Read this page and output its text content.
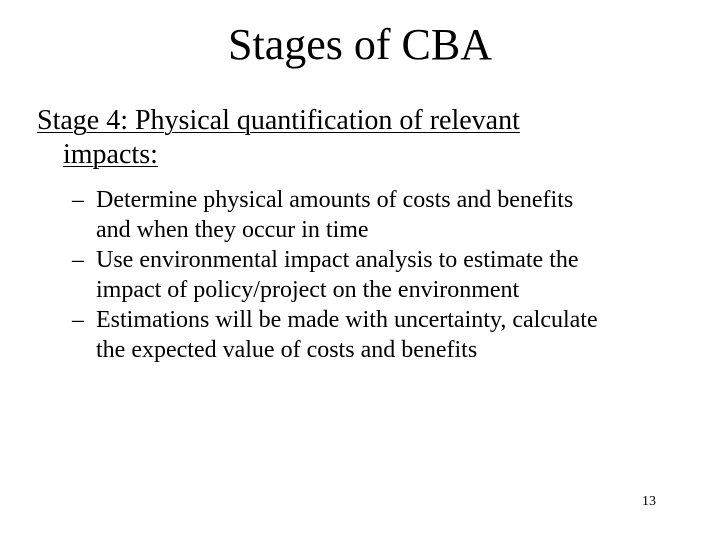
Stages of CBA
Stage 4: Physical quantification of relevant
impacts:
– Determine physical amounts of costs and benefits
and when they occur in time
– Use environmental impact analysis to estimate the
impact of policy/project on the environment
– Estimations will be made with uncertainty, calculate
the expected value of costs and benefits
13
